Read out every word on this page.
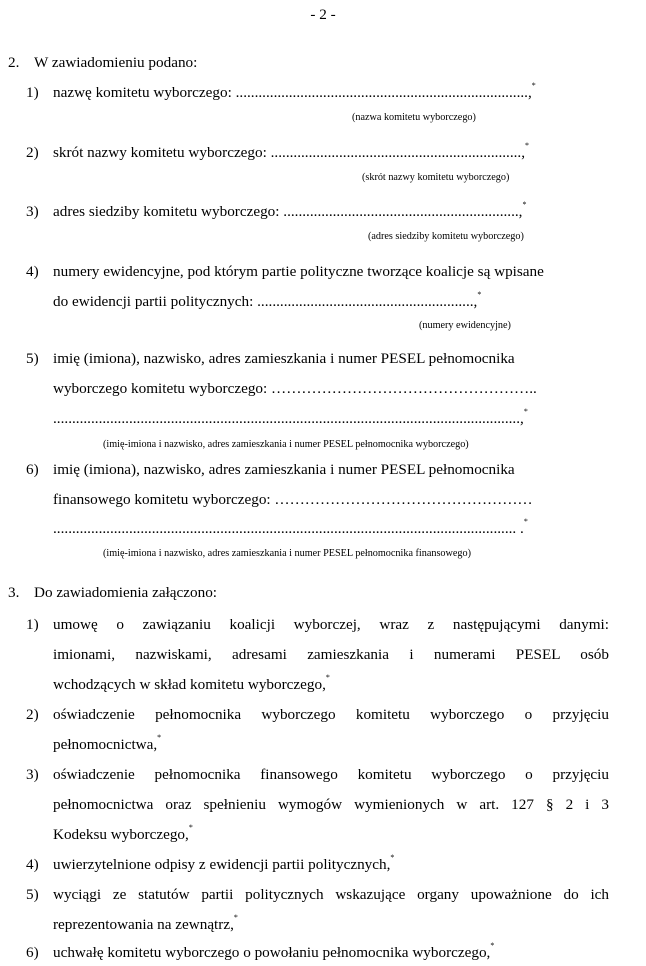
- 2 -
2. W zawiadomieniu podano:
1) nazwę komitetu wyborczego: .............................................................................,*
(nazwa komitetu wyborczego)
2) skrót nazwy komitetu wyborczego: ..................................................................,*
(skrót nazwy komitetu wyborczego)
3) adres siedziby komitetu wyborczego: ..............................................................,*
(adres siedziby komitetu wyborczego)
4) numery ewidencyjne, pod którym partie polityczne tworzące koalicje są wpisane
do ewidencji partii politycznych: .........................................................,*
(numery ewidencyjne)
5) imię (imiona), nazwisko, adres zamieszkania i numer PESEL pełnomocnika
wyborczego komitetu wyborczego: ……………………………………………..
...........................................................................................................................,*
(imię-imiona i nazwisko, adres zamieszkania i numer PESEL pełnomocnika wyborczego)
6) imię (imiona), nazwisko, adres zamieszkania i numer PESEL pełnomocnika
finansowego komitetu wyborczego: ……………………………………………
.......................................................................................................................... .*
(imię-imiona i nazwisko, adres zamieszkania i numer PESEL pełnomocnika finansowego)
3. Do zawiadomienia załączono:
1) umowę o zawiązaniu koalicji wyborczej, wraz z następującymi danymi:
imionami, nazwiskami, adresami zamieszkania i numerami PESEL osób
wchodzących w skład komitetu wyborczego,*
2) oświadczenie pełnomocnika wyborczego komitetu wyborczego o przyjęciu
pełnomocnictwa,*
3) oświadczenie pełnomocnika finansowego komitetu wyborczego o przyjęciu
pełnomocnictwa oraz spełnieniu wymogów wymienionych w art. 127 § 2 i 3
Kodeksu wyborczego,*
4) uwierzytelnione odpisy z ewidencji partii politycznych,*
5) wyciągi ze statutów partii politycznych wskazujące organy upoważnione do ich
reprezentowania na zewnątrz,*
6) uchwałę komitetu wyborczego o powołaniu pełnomocnika wyborczego,*
